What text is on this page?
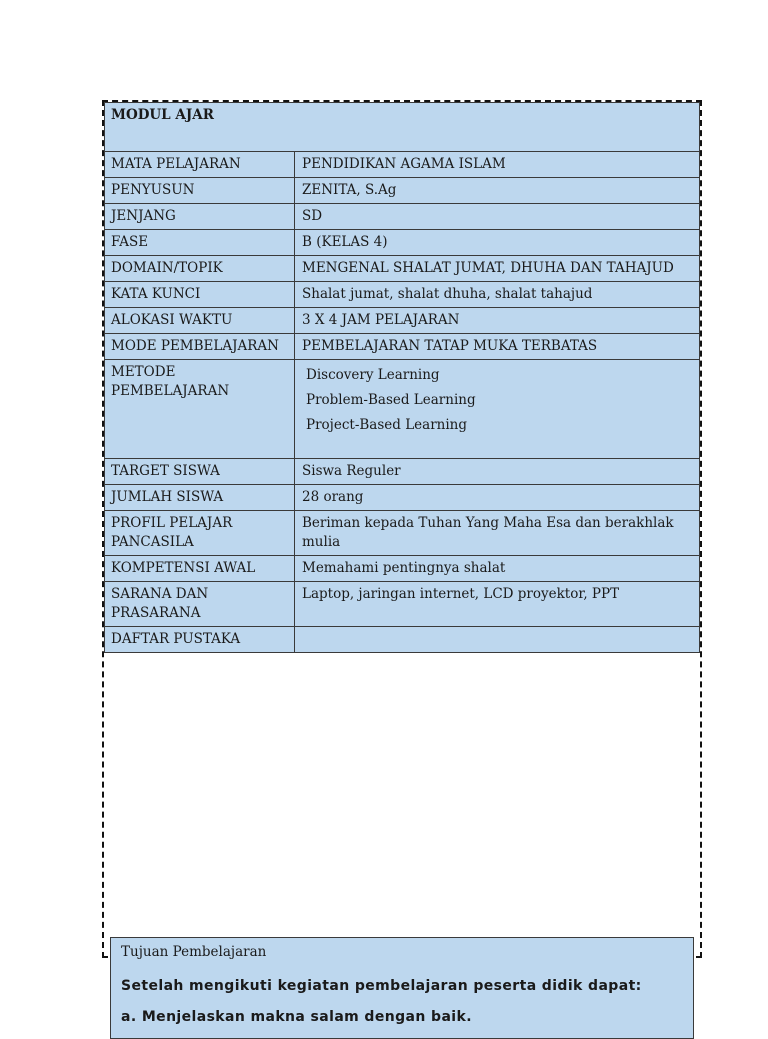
MODUL AJAR	
MATA PELAJARAN	PENDIDIKAN AGAMA ISLAM
PENYUSUN	ZENITA, S.Ag
JENJANG	SD
FASE	B (KELAS 4)
DOMAIN/TOPIK	MENGENAL SHALAT JUMAT, DHUHA DAN TAHAJUD
KATA KUNCI	Shalat jumat, shalat dhuha, shalat tahajud
ALOKASI WAKTU	3 X 4 JAM PELAJARAN
MODE PEMBELAJARAN	PEMBELAJARAN TATAP MUKA TERBATAS
METODE
PEMBELAJARAN	Discovery Learning
Problem-Based Learning
Project-Based Learning

TARGET SISWA	Siswa Reguler
JUMLAH SISWA	28 orang
PROFIL PELAJAR
PANCASILA	Beriman kepada Tuhan Yang Maha Esa dan berakhlak mulia
KOMPETENSI AWAL	Memahami pentingnya shalat
SARANA DAN
PRASARANA	Laptop, jaringan internet, LCD proyektor, PPT
DAFTAR PUSTAKA	
Tujuan Pembelajaran
Setelah mengikuti kegiatan pembelajaran peserta didik dapat:
a. Menjelaskan makna salam dengan baik.
